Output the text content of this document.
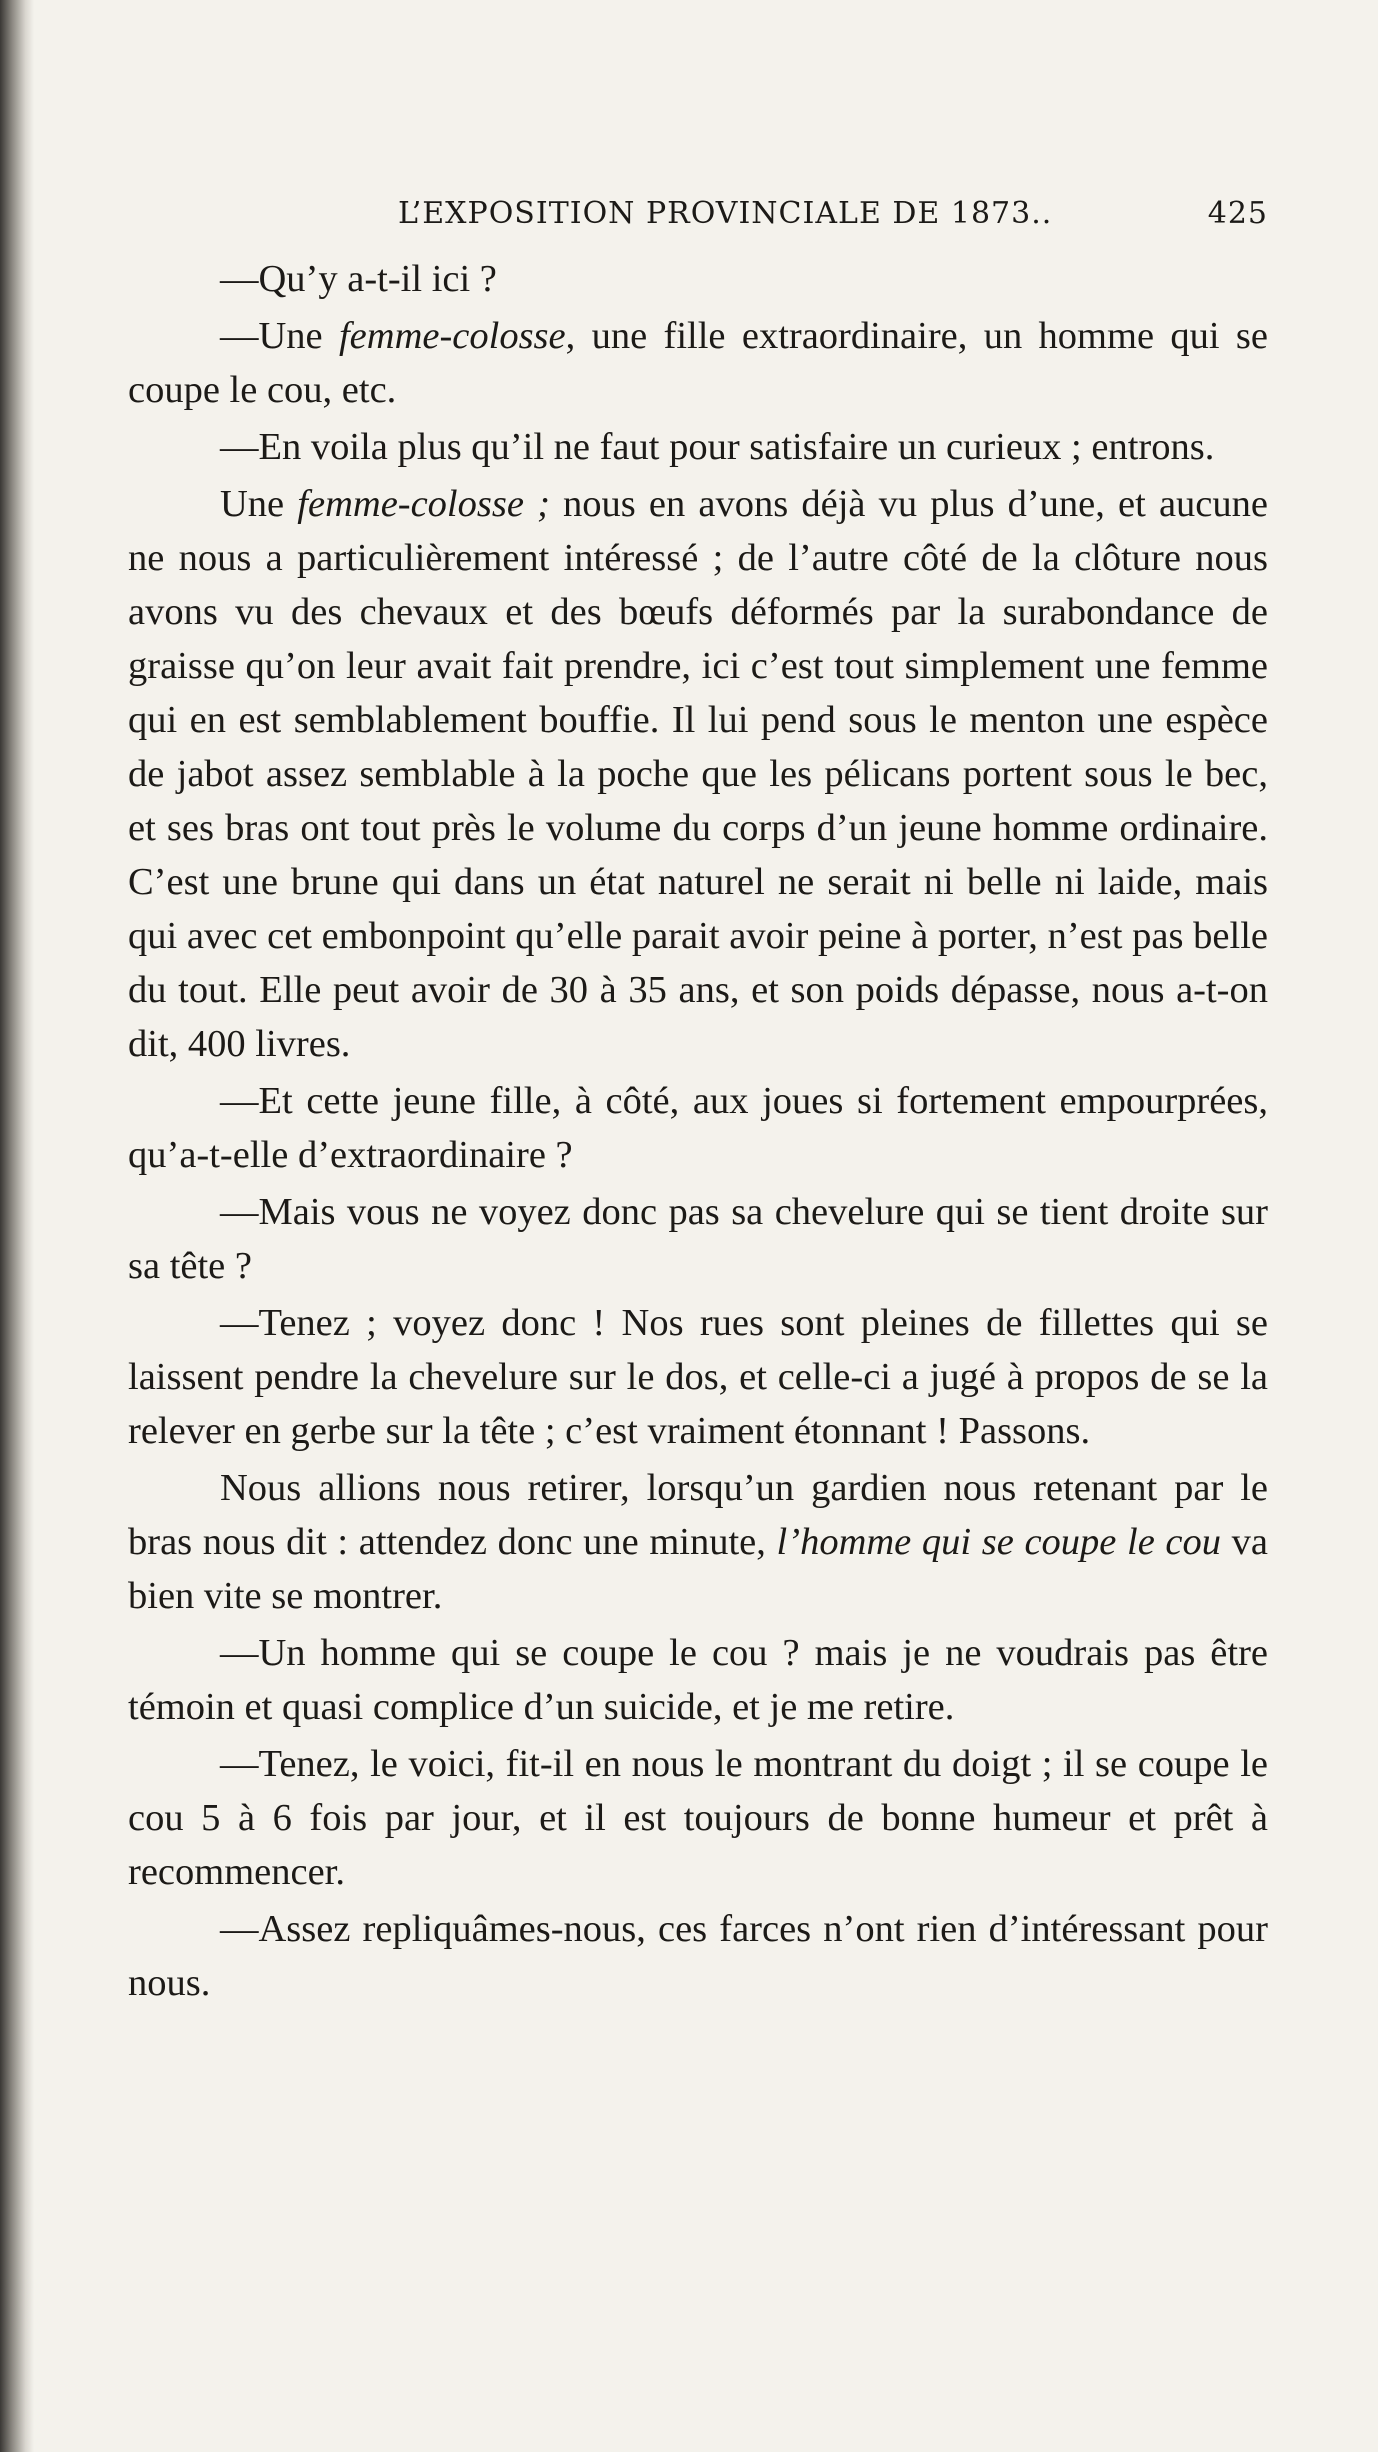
L’EXPOSITION PROVINCIALE DE 1873..	425

—Qu’y a-t-il ici ?

—Une femme-colosse, une fille extraordinaire, un homme qui se coupe le cou, etc.

—En voila plus qu’il ne faut pour satisfaire un curieux ; entrons.

Une femme-colosse ; nous en avons déjà vu plus d’une, et aucune ne nous a particulièrement intéressé ; de l’autre côté de la clôture nous avons vu des chevaux et des bœufs déformés par la surabondance de graisse qu’on leur avait fait prendre, ici c’est tout simplement une femme qui en est semblablement bouffie. Il lui pend sous le menton une espèce de jabot assez semblable à la poche que les pélicans portent sous le bec, et ses bras ont tout près le volume du corps d’un jeune homme ordinaire. C’est une brune qui dans un état naturel ne serait ni belle ni laide, mais qui avec cet embonpoint qu’elle parait avoir peine à porter, n’est pas belle du tout. Elle peut avoir de 30 à 35 ans, et son poids dépasse, nous a-t-on dit, 400 livres.

—Et cette jeune fille, à côté, aux joues si fortement empourprées, qu’a-t-elle d’extraordinaire ?

—Mais vous ne voyez donc pas sa chevelure qui se tient droite sur sa tête ?

—Tenez ; voyez donc ! Nos rues sont pleines de fillettes qui se laissent pendre la chevelure sur le dos, et celle-ci a jugé à propos de se la relever en gerbe sur la tête ; c’est vraiment étonnant ! Passons.

Nous allions nous retirer, lorsqu’un gardien nous retenant par le bras nous dit : attendez donc une minute, l’homme qui se coupe le cou va bien vite se montrer.

—Un homme qui se coupe le cou ? mais je ne voudrais pas être témoin et quasi complice d’un suicide, et je me retire.

—Tenez, le voici, fit-il en nous le montrant du doigt ; il se coupe le cou 5 à 6 fois par jour, et il est toujours de bonne humeur et prêt à recommencer.

—Assez repliquâmes-nous, ces farces n’ont rien d’intéressant pour nous.
